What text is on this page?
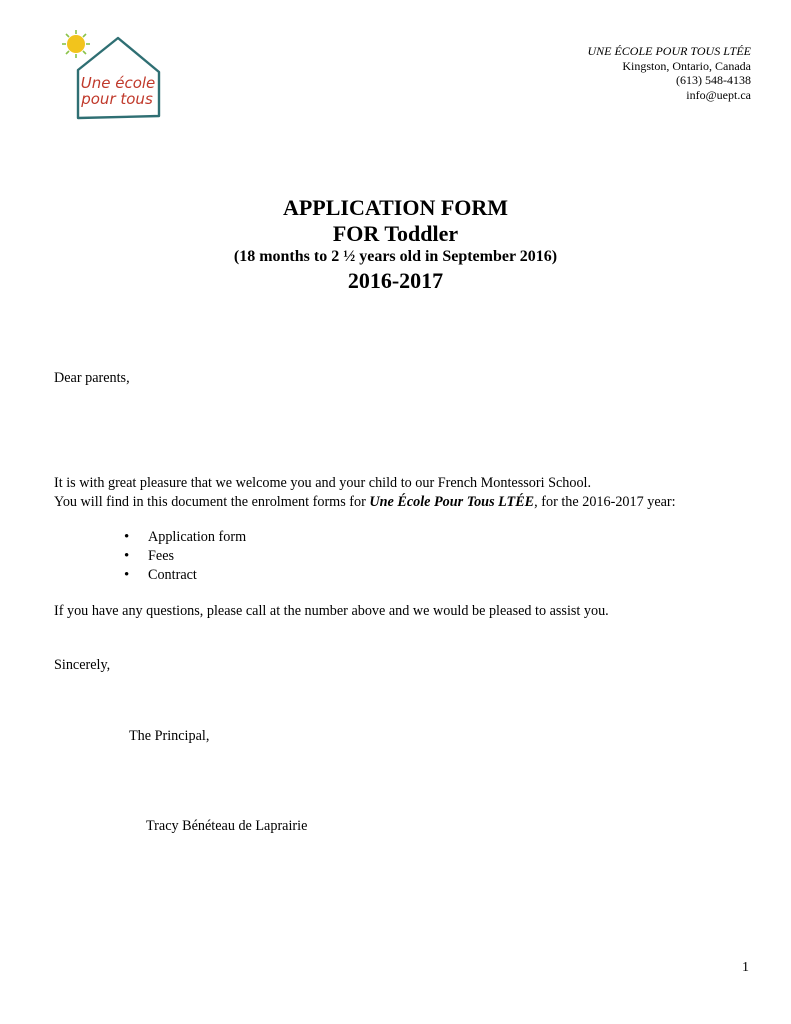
Une école
pour tous
UNE ÉCOLE POUR TOUS LTÉE
Kingston, Ontario, Canada
(613) 548-4138
info@uept.ca
APPLICATION FORM
FOR Toddler
(18 months to 2 ½ years old in September 2016)
2016-2017
Dear parents,
It is with great pleasure that we welcome you and your child to our French Montessori School.
You will find in this document the enrolment forms for Une École Pour Tous LTÉE, for the 2016-2017 year:
• Application form
• Fees
• Contract
If you have any questions, please call at the number above and we would be pleased to assist you.
Sincerely,
The Principal,
Tracy Bénéteau de Laprairie
1
